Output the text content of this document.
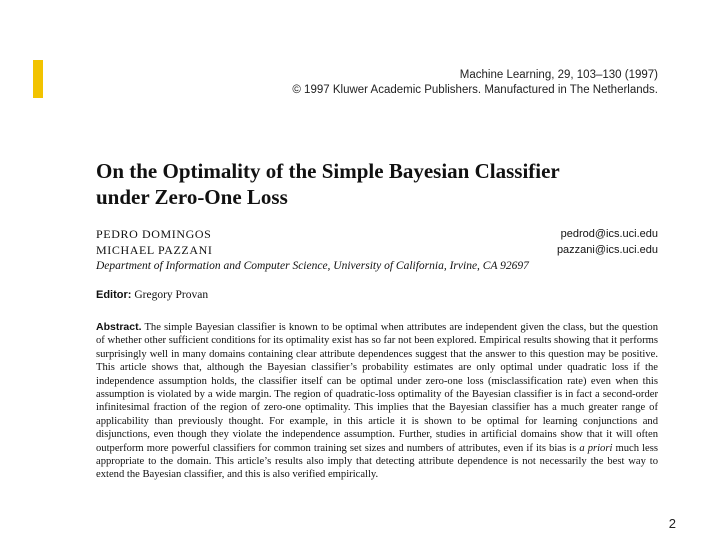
Machine Learning, 29, 103–130 (1997)
© 1997 Kluwer Academic Publishers. Manufactured in The Netherlands.
On the Optimality of the Simple Bayesian Classifier
under Zero-One Loss
PEDRO DOMINGOS	pedrod@ics.uci.edu
MICHAEL PAZZANI	pazzani@ics.uci.edu
Department of Information and Computer Science, University of California, Irvine, CA 92697
Editor: Gregory Provan

Abstract. The simple Bayesian classifier is known to be optimal when attributes are independent given the class, but the question of whether other sufficient conditions for its optimality exist has so far not been explored. Empirical results showing that it performs surprisingly well in many domains containing clear attribute dependences suggest that the answer to this question may be positive. This article shows that, although the Bayesian classifier’s probability estimates are only optimal under quadratic loss if the independence assumption holds, the classifier itself can be optimal under zero-one loss (misclassification rate) even when this assumption is violated by a wide margin. The region of quadratic-loss optimality of the Bayesian classifier is in fact a second-order infinitesimal fraction of the region of zero-one optimality. This implies that the Bayesian classifier has a much greater range of applicability than previously thought. For example, in this article it is shown to be optimal for learning conjunctions and disjunctions, even though they violate the independence assumption. Further, studies in artificial domains show that it will often outperform more powerful classifiers for common training set sizes and numbers of attributes, even if its bias is a priori much less appropriate to the domain. This article’s results also imply that detecting attribute dependence is not necessarily the best way to extend the Bayesian classifier, and this is also verified empirically.

2
